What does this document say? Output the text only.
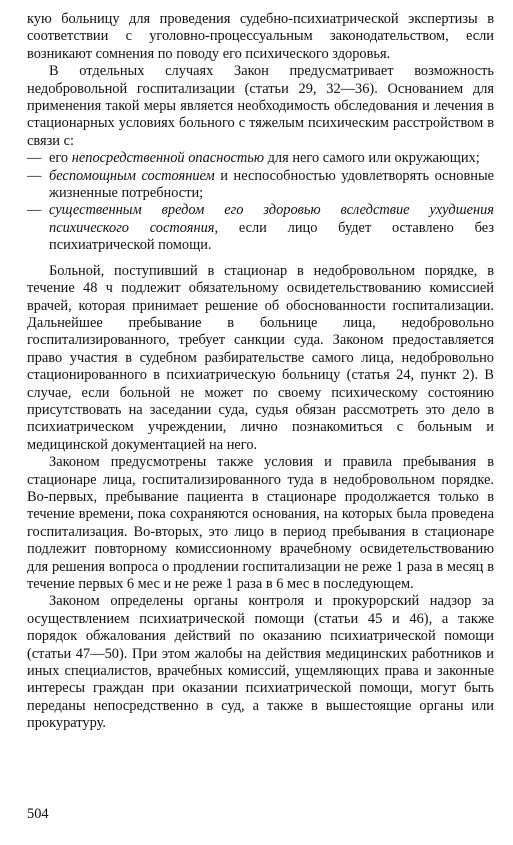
кую больницу для проведения судебно-психиатрической экспертизы в соответствии с уголовно-процессуальным законодательством, если возникают сомнения по поводу его психического здоровья.

В отдельных случаях Закон предусматривает возможность недобровольной госпитализации (статьи 29, 32—36). Основанием для применения такой меры является необходимость обследования и лечения в стационарных условиях больного с тяжелым психическим расстройством в связи с:

— его непосредственной опасностью для него самого или окружающих;
— беспомощным состоянием и неспособностью удовлетворять основные жизненные потребности;
— существенным вредом его здоровью вследствие ухудшения психического состояния, если лицо будет оставлено без психиатрической помощи.

Больной, поступивший в стационар в недобровольном порядке, в течение 48 ч подлежит обязательному освидетельствованию комиссией врачей, которая принимает решение об обоснованности госпитализации. Дальнейшее пребывание в больнице лица, недобровольно госпитализированного, требует санкции суда. Законом предоставляется право участия в судебном разбирательстве самого лица, недобровольно стационированного в психиатрическую больницу (статья 24, пункт 2). В случае, если больной не может по своему психическому состоянию присутствовать на заседании суда, судья обязан рассмотреть это дело в психиатрическом учреждении, лично познакомиться с больным и медицинской документацией на него.

Законом предусмотрены также условия и правила пребывания в стационаре лица, госпитализированного туда в недобровольном порядке. Во-первых, пребывание пациента в стационаре продолжается только в течение времени, пока сохраняются основания, на которых была проведена госпитализация. Во-вторых, это лицо в период пребывания в стационаре подлежит повторному комиссионному врачебному освидетельствованию для решения вопроса о продлении госпитализации не реже 1 раза в месяц в течение первых 6 мес и не реже 1 раза в 6 мес в последующем.

Законом определены органы контроля и прокурорский надзор за осуществлением психиатрической помощи (статьи 45 и 46), а также порядок обжалования действий по оказанию психиатрической помощи (статьи 47—50). При этом жалобы на действия медицинских работников и иных специалистов, врачебных комиссий, ущемляющих права и законные интересы граждан при оказании психиатрической помощи, могут быть переданы непосредственно в суд, а также в вышестоящие органы или прокуратуру.

504
